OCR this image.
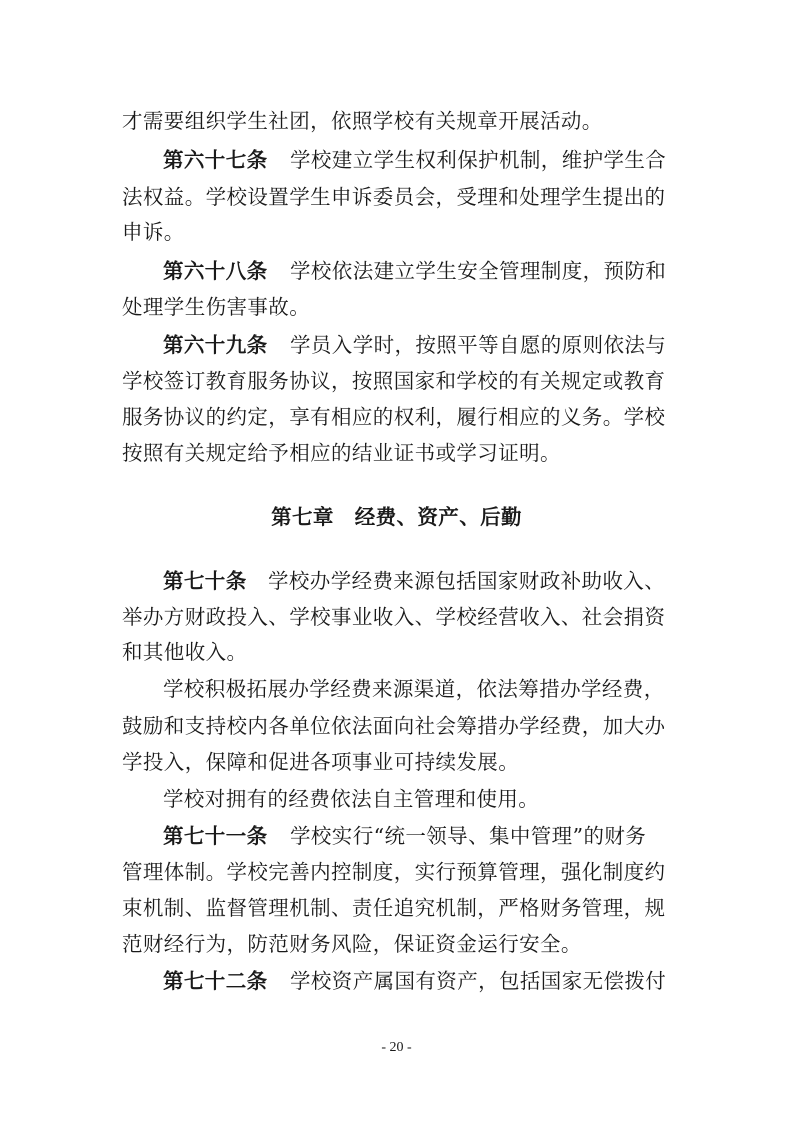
才需要组织学生社团，依照学校有关规章开展活动。
第六十七条 学校建立学生权利保护机制，维护学生合
法权益。学校设置学生申诉委员会，受理和处理学生提出的
申诉。
第六十八条 学校依法建立学生安全管理制度，预防和
处理学生伤害事故。
第六十九条 学员入学时，按照平等自愿的原则依法与
学校签订教育服务协议，按照国家和学校的有关规定或教育
服务协议的约定，享有相应的权利，履行相应的义务。学校
按照有关规定给予相应的结业证书或学习证明。
第七章　经费、资产、后勤
第七十条 学校办学经费来源包括国家财政补助收入、
举办方财政投入、学校事业收入、学校经营收入、社会捐资
和其他收入。
学校积极拓展办学经费来源渠道，依法筹措办学经费，
鼓励和支持校内各单位依法面向社会筹措办学经费，加大办
学投入，保障和促进各项事业可持续发展。
学校对拥有的经费依法自主管理和使用。
第七十一条 学校实行“统一领导、集中管理”的财务
管理体制。学校完善内控制度，实行预算管理，强化制度约
束机制、监督管理机制、责任追究机制，严格财务管理，规
范财经行为，防范财务风险，保证资金运行安全。
第七十二条 学校资产属国有资产，包括国家无偿拨付
- 20 -
